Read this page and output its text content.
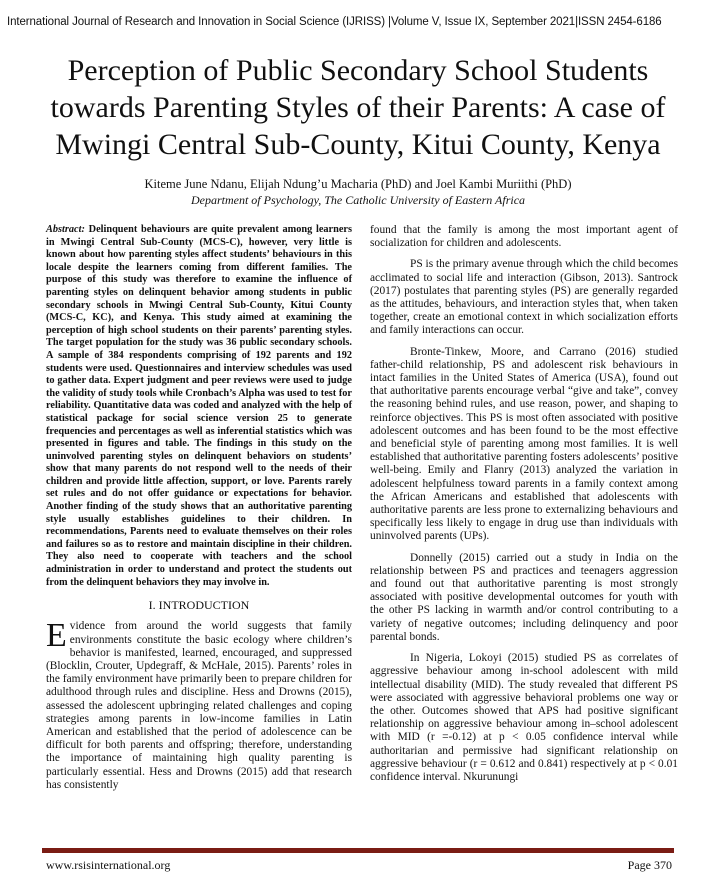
International Journal of Research and Innovation in Social Science (IJRISS) |Volume V, Issue IX, September 2021|ISSN 2454-6186
Perception of Public Secondary School Students towards Parenting Styles of their Parents: A case of Mwingi Central Sub-County, Kitui County, Kenya
Kiteme June Ndanu, Elijah Ndung’u Macharia (PhD) and Joel Kambi Muriithi (PhD)
Department of Psychology, The Catholic University of Eastern Africa

Abstract: Delinquent behaviours are quite prevalent among learners in Mwingi Central Sub-County (MCS-C), however, very little is known about how parenting styles affect students’ behaviours in this locale despite the learners coming from different families. The purpose of this study was therefore to examine the influence of parenting styles on delinquent behavior among students in public secondary schools in Mwingi Central Sub-County, Kitui County (MCS-C, KC), and Kenya. This study aimed at examining the perception of high school students on their parents’ parenting styles. The target population for the study was 36 public secondary schools. A sample of 384 respondents comprising of 192 parents and 192 students were used. Questionnaires and interview schedules was used to gather data. Expert judgment and peer reviews were used to judge the validity of study tools while Cronbach’s Alpha was used to test for reliability. Quantitative data was coded and analyzed with the help of statistical package for social science version 25 to generate frequencies and percentages as well as inferential statistics which was presented in figures and table. The findings in this study on the uninvolved parenting styles on delinquent behaviors on students’ show that many parents do not respond well to the needs of their children and provide little affection, support, or love. Parents rarely set rules and do not offer guidance or expectations for behavior. Another finding of the study shows that an authoritative parenting style usually establishes guidelines to their children. In recommendations, Parents need to evaluate themselves on their roles and failures so as to restore and maintain discipline in their children. They also need to cooperate with teachers and the school administration in order to understand and protect the students out from the delinquent behaviors they may involve in.

I. INTRODUCTION

Evidence from around the world suggests that family environments constitute the basic ecology where children’s behavior is manifested, learned, encouraged, and suppressed (Blocklin, Crouter, Updegraff, & McHale, 2015). Parents’ roles in the family environment have primarily been to prepare children for adulthood through rules and discipline. Hess and Drowns (2015), assessed the adolescent upbringing related challenges and coping strategies among parents in low-income families in Latin American and established that the period of adolescence can be difficult for both parents and offspring; therefore, understanding the importance of maintaining high quality parenting is particularly essential. Hess and Drowns (2015) add that research has consistently

found that the family is among the most important agent of socialization for children and adolescents.

PS is the primary avenue through which the child becomes acclimated to social life and interaction (Gibson, 2013). Santrock (2017) postulates that parenting styles (PS) are generally regarded as the attitudes, behaviours, and interaction styles that, when taken together, create an emotional context in which socialization efforts and family interactions can occur.

Bronte-Tinkew, Moore, and Carrano (2016) studied father-child relationship, PS and adolescent risk behaviours in intact families in the United States of America (USA), found out that authoritative parents encourage verbal “give and take”, convey the reasoning behind rules, and use reason, power, and shaping to reinforce objectives. This PS is most often associated with positive adolescent outcomes and has been found to be the most effective and beneficial style of parenting among most families. It is well established that authoritative parenting fosters adolescents’ positive well-being. Emily and Flanry (2013) analyzed the variation in adolescent helpfulness toward parents in a family context among the African Americans and established that adolescents with authoritative parents are less prone to externalizing behaviours and specifically less likely to engage in drug use than individuals with uninvolved parents (UPs).

Donnelly (2015) carried out a study in India on the relationship between PS and practices and teenagers aggression and found out that authoritative parenting is most strongly associated with positive developmental outcomes for youth with the other PS lacking in warmth and/or control contributing to a variety of negative outcomes; including delinquency and poor parental bonds.

In Nigeria, Lokoyi (2015) studied PS as correlates of aggressive behaviour among in-school adolescent with mild intellectual disability (MID). The study revealed that different PS were associated with aggressive behavioral problems one way or the other. Outcomes showed that APS had positive significant relationship on aggressive behaviour among in–school adolescent with MID (r =-0.12) at p < 0.05 confidence interval while authoritarian and permissive had significant relationship on aggressive behaviour (r = 0.612 and 0.841) respectively at p < 0.01 confidence interval. Nkurunungi

www.rsisinternational.org	Page 370
